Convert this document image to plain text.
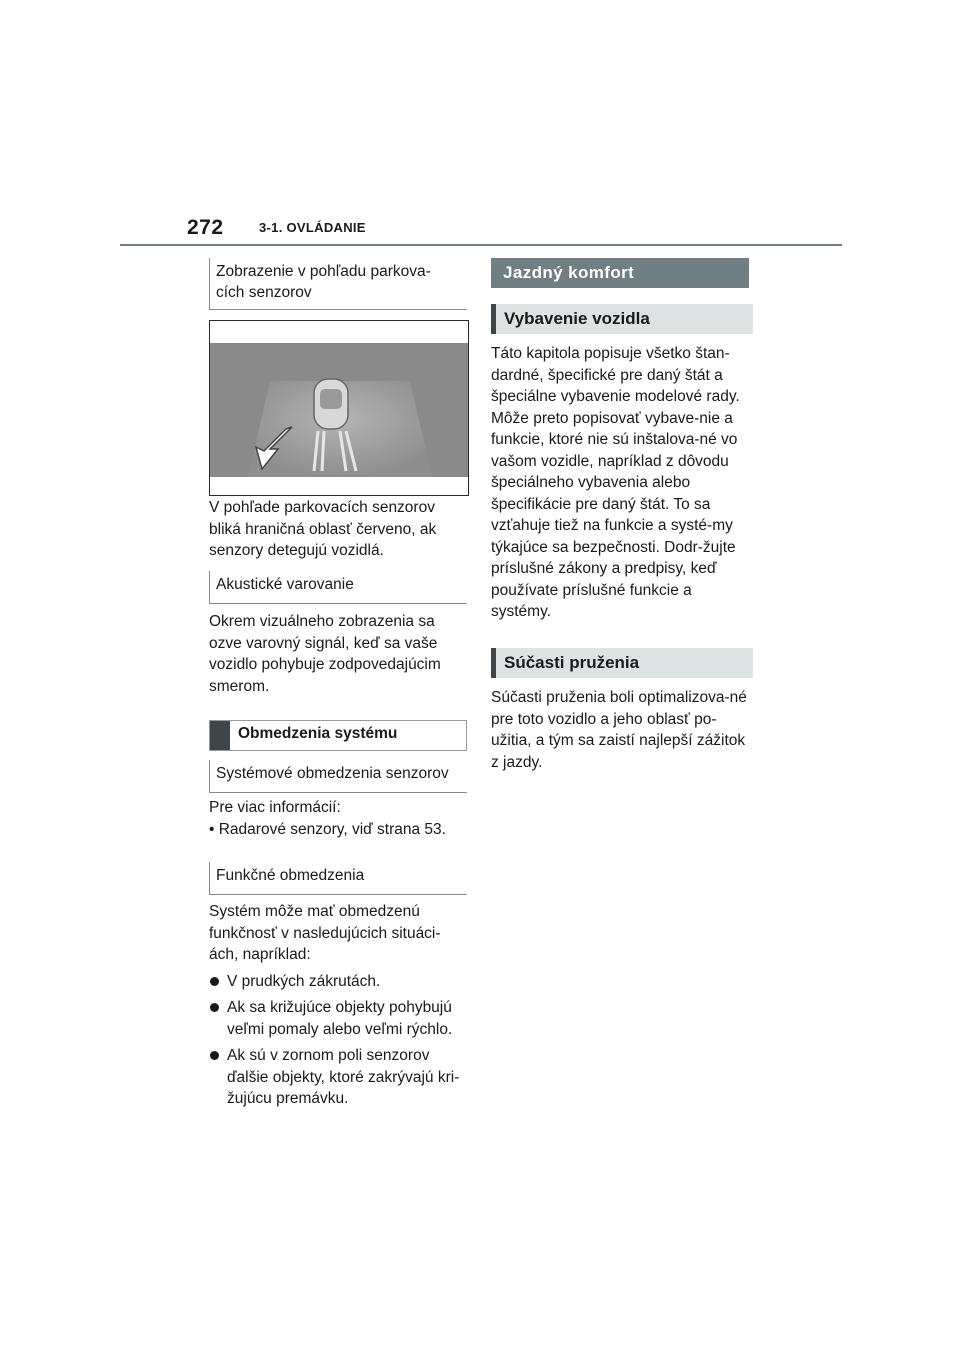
272	3-1. OVLÁDANIE
Zobrazenie v pohľadu parkova-
cích senzorov

V pohľade parkovacích senzorov bliká hraničná oblasť červeno, ak senzory detegujú vozidlá.

Akustické varovanie

Okrem vizuálneho zobrazenia sa ozve varovný signál, keď sa vaše vozidlo pohybuje zodpovedajúcim smerom.

Obmedzenia systému
Systémové obmedzenia senzorov

Pre viac informácií:

• Radarové senzory, viď strana 53.

Funkčné obmedzenia

Systém môže mať obmedzenú funkčnosť v nasledujúcich situáci-ách, napríklad:

V prudkých zákrutách.
Ak sa križujúce objekty pohybujú veľmi pomaly alebo veľmi rýchlo.
Ak sú v zornom poli senzorov ďalšie objekty, ktoré zakrývajú kri-žujúcu premávku.
Jazdný komfort
Vybavenie vozidla

Táto kapitola popisuje všetko štan-dardné, špecifické pre daný štát a špeciálne vybavenie modelové rady. Môže preto popisovať vybave-nie a funkcie, ktoré nie sú inštalova-né vo vašom vozidle, napríklad z dôvodu špeciálneho vybavenia alebo špecifikácie pre daný štát. To sa vzťahuje tiež na funkcie a systé-my týkajúce sa bezpečnosti. Dodr-žujte príslušné zákony a predpisy, keď používate príslušné funkcie a systémy.

Súčasti pruženia

Súčasti pruženia boli optimalizova-né pre toto vozidlo a jeho oblasť po-užitia, a tým sa zaistí najlepší zážitok z jazdy.
